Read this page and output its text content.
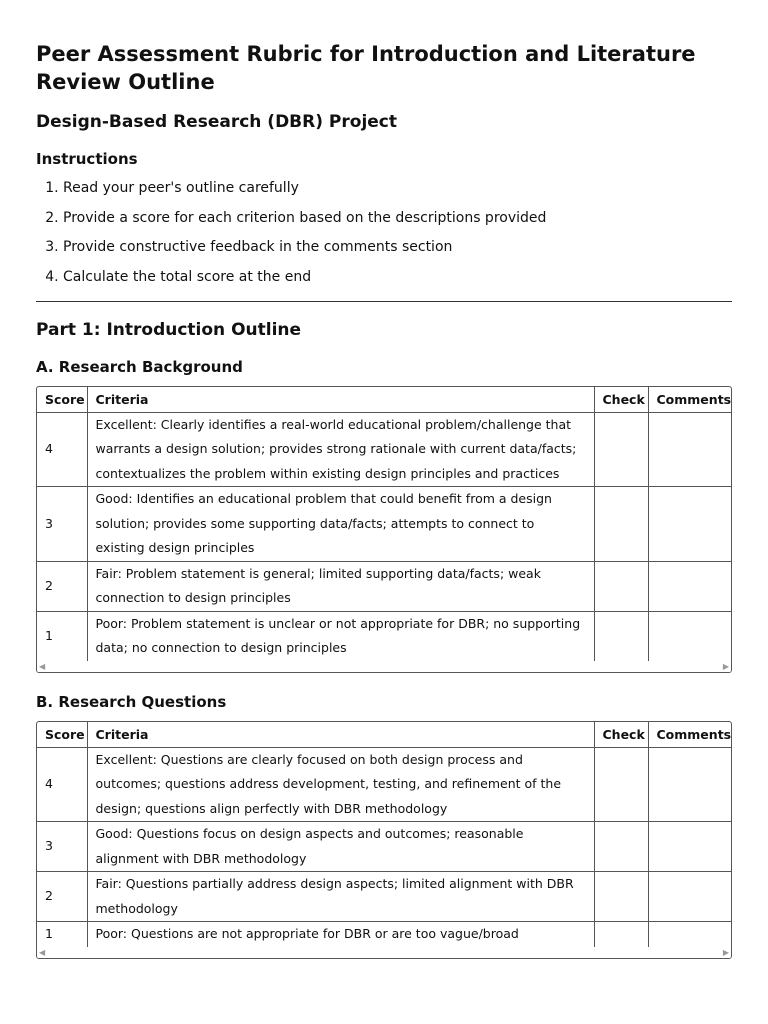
Peer Assessment Rubric for Introduction and Literature Review Outline
Design-Based Research (DBR) Project
Instructions
1. Read your peer's outline carefully
2. Provide a score for each criterion based on the descriptions provided
3. Provide constructive feedback in the comments section
4. Calculate the total score at the end
Part 1: Introduction Outline
A. Research Background
Score	Criteria	Check	Comments
4	Excellent: Clearly identifies a real-world educational problem/challenge that warrants a design solution; provides strong rationale with current data/facts; contextualizes the problem within existing design principles and practices		
3	Good: Identifies an educational problem that could benefit from a design solution; provides some supporting data/facts; attempts to connect to existing design principles		
2	Fair: Problem statement is general; limited supporting data/facts; weak connection to design principles		
1	Poor: Problem statement is unclear or not appropriate for DBR; no supporting data; no connection to design principles		
◀	▶
B. Research Questions
Score	Criteria	Check	Comments
4	Excellent: Questions are clearly focused on both design process and outcomes; questions address development, testing, and refinement of the design; questions align perfectly with DBR methodology		
3	Good: Questions focus on design aspects and outcomes; reasonable alignment with DBR methodology		
2	Fair: Questions partially address design aspects; limited alignment with DBR methodology		
1	Poor: Questions are not appropriate for DBR or are too vague/broad		
◀	▶
